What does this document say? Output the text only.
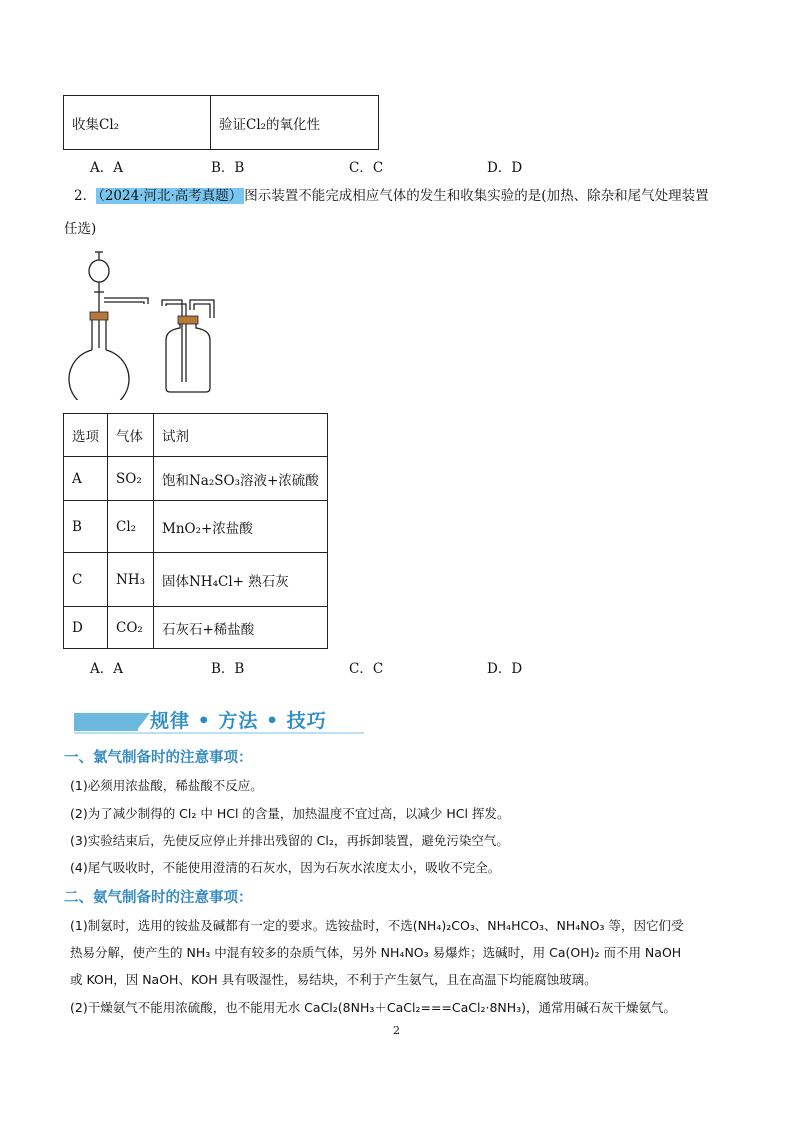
收集Cl₂	验证Cl₂的氧化性
A．A	B．B	C．C	D．D
2． （2024·河北·高考真题） 图示装置不能完成相应气体的发生和收集实验的是(加热、除杂和尾气处理装置
任选)
选项	气体	试剂
A	SO₂	饱和Na₂SO₃溶液+浓硫酸
B	Cl₂	MnO₂+浓盐酸
C	NH₃	固体NH₄Cl+ 熟石灰
D	CO₂	石灰石+稀盐酸
A．A	B．B	C．C	D．D
规律 • 方法 • 技巧
一、氯气制备时的注意事项：
(1)必须用浓盐酸，稀盐酸不反应。
(2)为了减少制得的 Cl₂ 中 HCl 的含量，加热温度不宜过高，以减少 HCl 挥发。
(3)实验结束后，先使反应停止并排出残留的 Cl₂，再拆卸装置，避免污染空气。
(4)尾气吸收时，不能使用澄清的石灰水，因为石灰水浓度太小，吸收不完全。
二、氨气制备时的注意事项：
(1)制氨时，选用的铵盐及碱都有一定的要求。选铵盐时，不选(NH₄)₂CO₃、NH₄HCO₃、NH₄NO₃ 等，因它们受
热易分解，使产生的 NH₃ 中混有较多的杂质气体，另外 NH₄NO₃ 易爆炸；选碱时，用 Ca(OH)₂ 而不用 NaOH
或 KOH，因 NaOH、KOH 具有吸湿性，易结块，不利于产生氨气，且在高温下均能腐蚀玻璃。
(2)干燥氨气不能用浓硫酸，也不能用无水 CaCl₂(8NH₃＋CaCl₂===CaCl₂·8NH₃)，通常用碱石灰干燥氨气。
2
